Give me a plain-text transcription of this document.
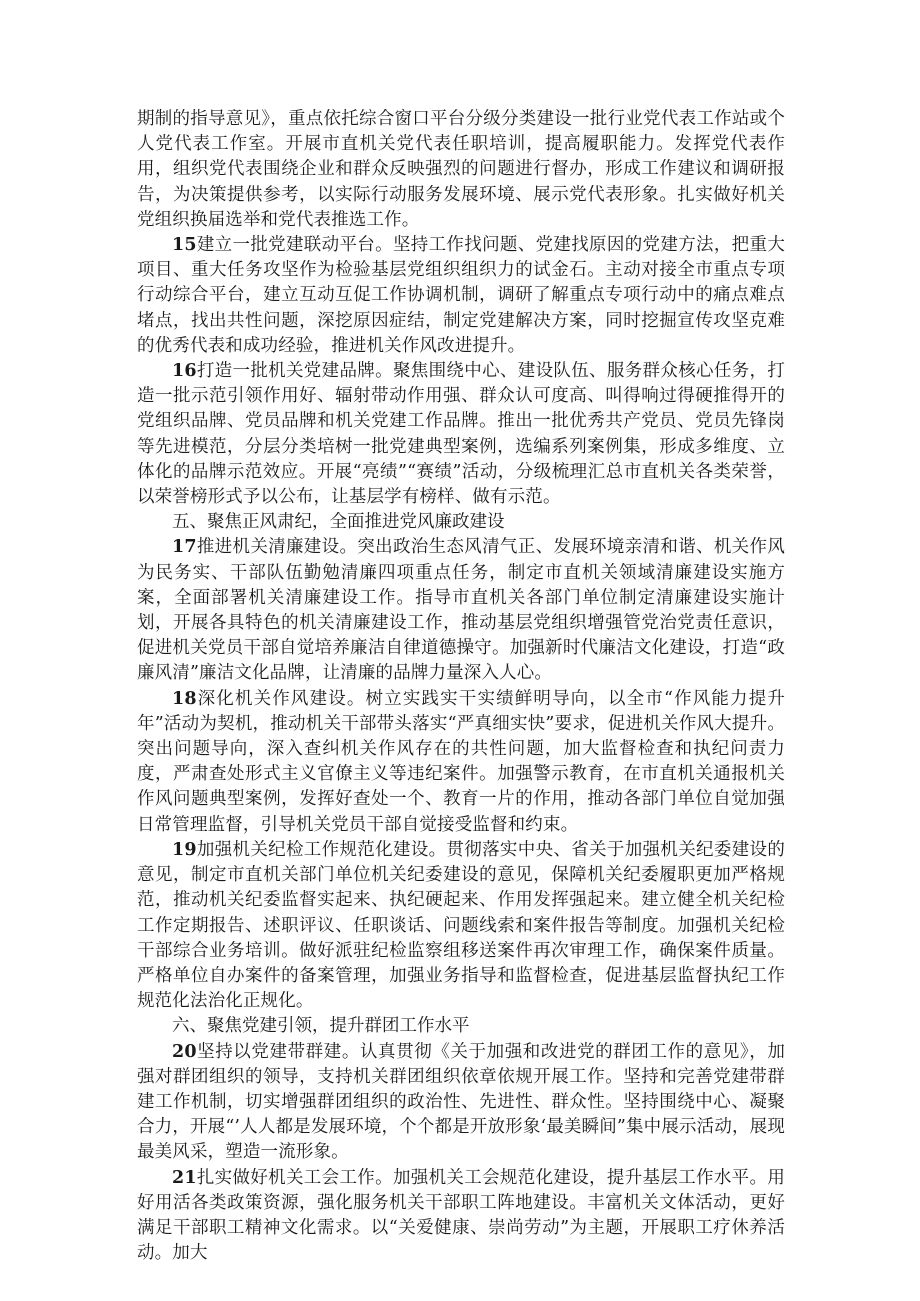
期制的指导意见》，重点依托综合窗口平台分级分类建设一批行业党代表工作站或个人党代表工作室。开展市直机关党代表任职培训，提高履职能力。发挥党代表作用，组织党代表围绕企业和群众反映强烈的问题进行督办，形成工作建议和调研报告，为决策提供参考，以实际行动服务发展环境、展示党代表形象。扎实做好机关党组织换届选举和党代表推选工作。

15建立一批党建联动平台。坚持工作找问题、党建找原因的党建方法，把重大项目、重大任务攻坚作为检验基层党组织组织力的试金石。主动对接全市重点专项行动综合平台，建立互动互促工作协调机制，调研了解重点专项行动中的痛点难点堵点，找出共性问题，深挖原因症结，制定党建解决方案，同时挖掘宣传攻坚克难的优秀代表和成功经验，推进机关作风改进提升。

16打造一批机关党建品牌。聚焦围绕中心、建设队伍、服务群众核心任务，打造一批示范引领作用好、辐射带动作用强、群众认可度高、叫得响过得硬推得开的党组织品牌、党员品牌和机关党建工作品牌。推出一批优秀共产党员、党员先锋岗等先进模范，分层分类培树一批党建典型案例，选编系列案例集，形成多维度、立体化的品牌示范效应。开展“亮绩”“赛绩”活动，分级梳理汇总市直机关各类荣誉，以荣誉榜形式予以公布，让基层学有榜样、做有示范。

五、聚焦正风肃纪，全面推进党风廉政建设

17推进机关清廉建设。突出政治生态风清气正、发展环境亲清和谐、机关作风为民务实、干部队伍勤勉清廉四项重点任务，制定市直机关领域清廉建设实施方案，全面部署机关清廉建设工作。指导市直机关各部门单位制定清廉建设实施计划，开展各具特色的机关清廉建设工作，推动基层党组织增强管党治党责任意识，促进机关党员干部自觉培养廉洁自律道德操守。加强新时代廉洁文化建设，打造“政廉风清”廉洁文化品牌，让清廉的品牌力量深入人心。

18深化机关作风建设。树立实践实干实绩鲜明导向，以全市“作风能力提升年”活动为契机，推动机关干部带头落实“严真细实快”要求，促进机关作风大提升。突出问题导向，深入查纠机关作风存在的共性问题，加大监督检查和执纪问责力度，严肃查处形式主义官僚主义等违纪案件。加强警示教育，在市直机关通报机关作风问题典型案例，发挥好查处一个、教育一片的作用，推动各部门单位自觉加强日常管理监督，引导机关党员干部自觉接受监督和约束。

19加强机关纪检工作规范化建设。贯彻落实中央、省关于加强机关纪委建设的意见，制定市直机关部门单位机关纪委建设的意见，保障机关纪委履职更加严格规范，推动机关纪委监督实起来、执纪硬起来、作用发挥强起来。建立健全机关纪检工作定期报告、述职评议、任职谈话、问题线索和案件报告等制度。加强机关纪检干部综合业务培训。做好派驻纪检监察组移送案件再次审理工作，确保案件质量。严格单位自办案件的备案管理，加强业务指导和监督检查，促进基层监督执纪工作规范化法治化正规化。

六、聚焦党建引领，提升群团工作水平

20坚持以党建带群建。认真贯彻《关于加强和改进党的群团工作的意见》，加强对群团组织的领导，支持机关群团组织依章依规开展工作。坚持和完善党建带群建工作机制，切实增强群团组织的政治性、先进性、群众性。坚持围绕中心、凝聚合力，开展“’人人都是发展环境，个个都是开放形象‘最美瞬间”集中展示活动，展现最美风采，塑造一流形象。

21扎实做好机关工会工作。加强机关工会规范化建设，提升基层工作水平。用好用活各类政策资源，强化服务机关干部职工阵地建设。丰富机关文体活动，更好满足干部职工精神文化需求。以“关爱健康、崇尚劳动”为主题，开展职工疗休养活动。加大
